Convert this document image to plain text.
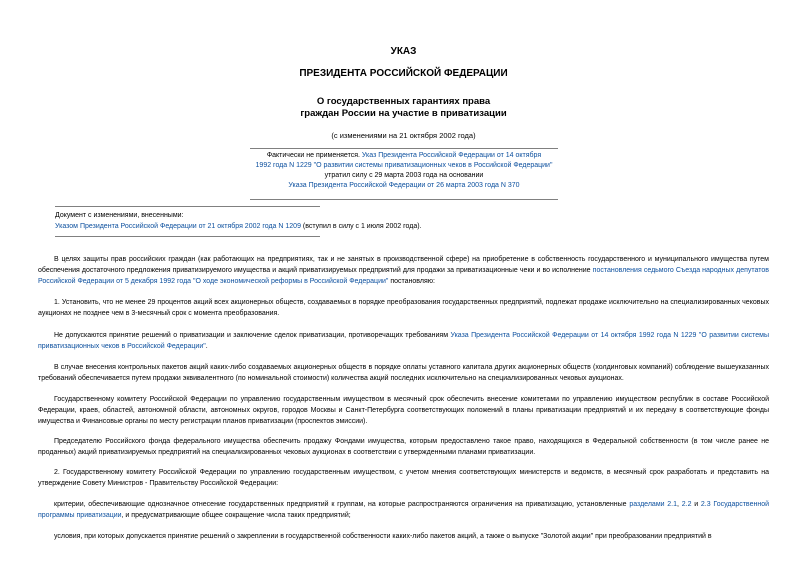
УКАЗ
ПРЕЗИДЕНТА РОССИЙСКОЙ ФЕДЕРАЦИИ
О государственных гарантиях права
граждан России на участие в приватизации
(с изменениями на 21 октября 2002 года)
Фактически не применяется. Указ Президента Российской Федерации от 14 октября
1992 года N 1229 "О развитии системы приватизационных чеков в Российской Федерации"
утратил силу с 29 марта 2003 года на основании
Указа Президента Российской Федерации от 26 марта 2003 года N 370
Документ с изменениями, внесенными:
Указом Президента Российской Федерации от 21 октября 2002 года N 1209 (вступил в силу с 1 июля 2002 года).
В целях защиты прав российских граждан (как работающих на предприятиях, так и не занятых в производственной сфере) на приобретение в собственность государственного и муниципального имущества путем обеспечения достаточного предложения приватизируемого имущества и акций приватизируемых предприятий для продажи за приватизационные чеки и во исполнение постановления седьмого Съезда народных депутатов Российской Федерации от 5 декабря 1992 года "О ходе экономической реформы в Российской Федерации" постановляю:
1. Установить, что не менее 29 процентов акций всех акционерных обществ, создаваемых в порядке преобразования государственных предприятий, подлежат продаже исключительно на специализированных чековых аукционах не позднее чем в 3-месячный срок с момента преобразования.
Не допускаются принятие решений о приватизации и заключение сделок приватизации, противоречащих требованиям Указа Президента Российской Федерации от 14 октября 1992 года N 1229 "О развитии системы приватизационных чеков в Российской Федерации".
В случае внесения контрольных пакетов акций каких-либо создаваемых акционерных обществ в порядке оплаты уставного капитала других акционерных обществ (холдинговых компаний) соблюдение вышеуказанных требований обеспечивается путем продажи эквивалентного (по номинальной стоимости) количества акций последних исключительно на специализированных чековых аукционах.
Государственному комитету Российской Федерации по управлению государственным имуществом в месячный срок обеспечить внесение комитетами по управлению имуществом республик в составе Российской Федерации, краев, областей, автономной области, автономных округов, городов Москвы и Санкт-Петербурга соответствующих положений в планы приватизации предприятий и их передачу в соответствующие фонды имущества и Финансовые органы по месту регистрации планов приватизации (проспектов эмиссии).
Председателю Российского фонда федерального имущества обеспечить продажу Фондами имущества, которым предоставлено такое право, находящихся в Федеральной собственности (в том числе ранее не проданных) акций приватизируемых предприятий на специализированных чековых аукционах в соответствии с утвержденными планами приватизации.
2. Государственному комитету Российской Федерации по управлению государственным имуществом, с учетом мнения соответствующих министерств и ведомств, в месячный срок разработать и представить на утверждение Совету Министров - Правительству Российской Федерации:
критерии, обеспечивающие однозначное отнесение государственных предприятий к группам, на которые распространяются ограничения на приватизацию, установленные разделами 2.1, 2.2 и 2.3 Государственной программы приватизации, и предусматривающие общее сокращение числа таких предприятий;
условия, при которых допускается принятие решений о закреплении в государственной собственности каких-либо пакетов акций, а также о выпуске "Золотой акции" при преобразовании предприятий в
